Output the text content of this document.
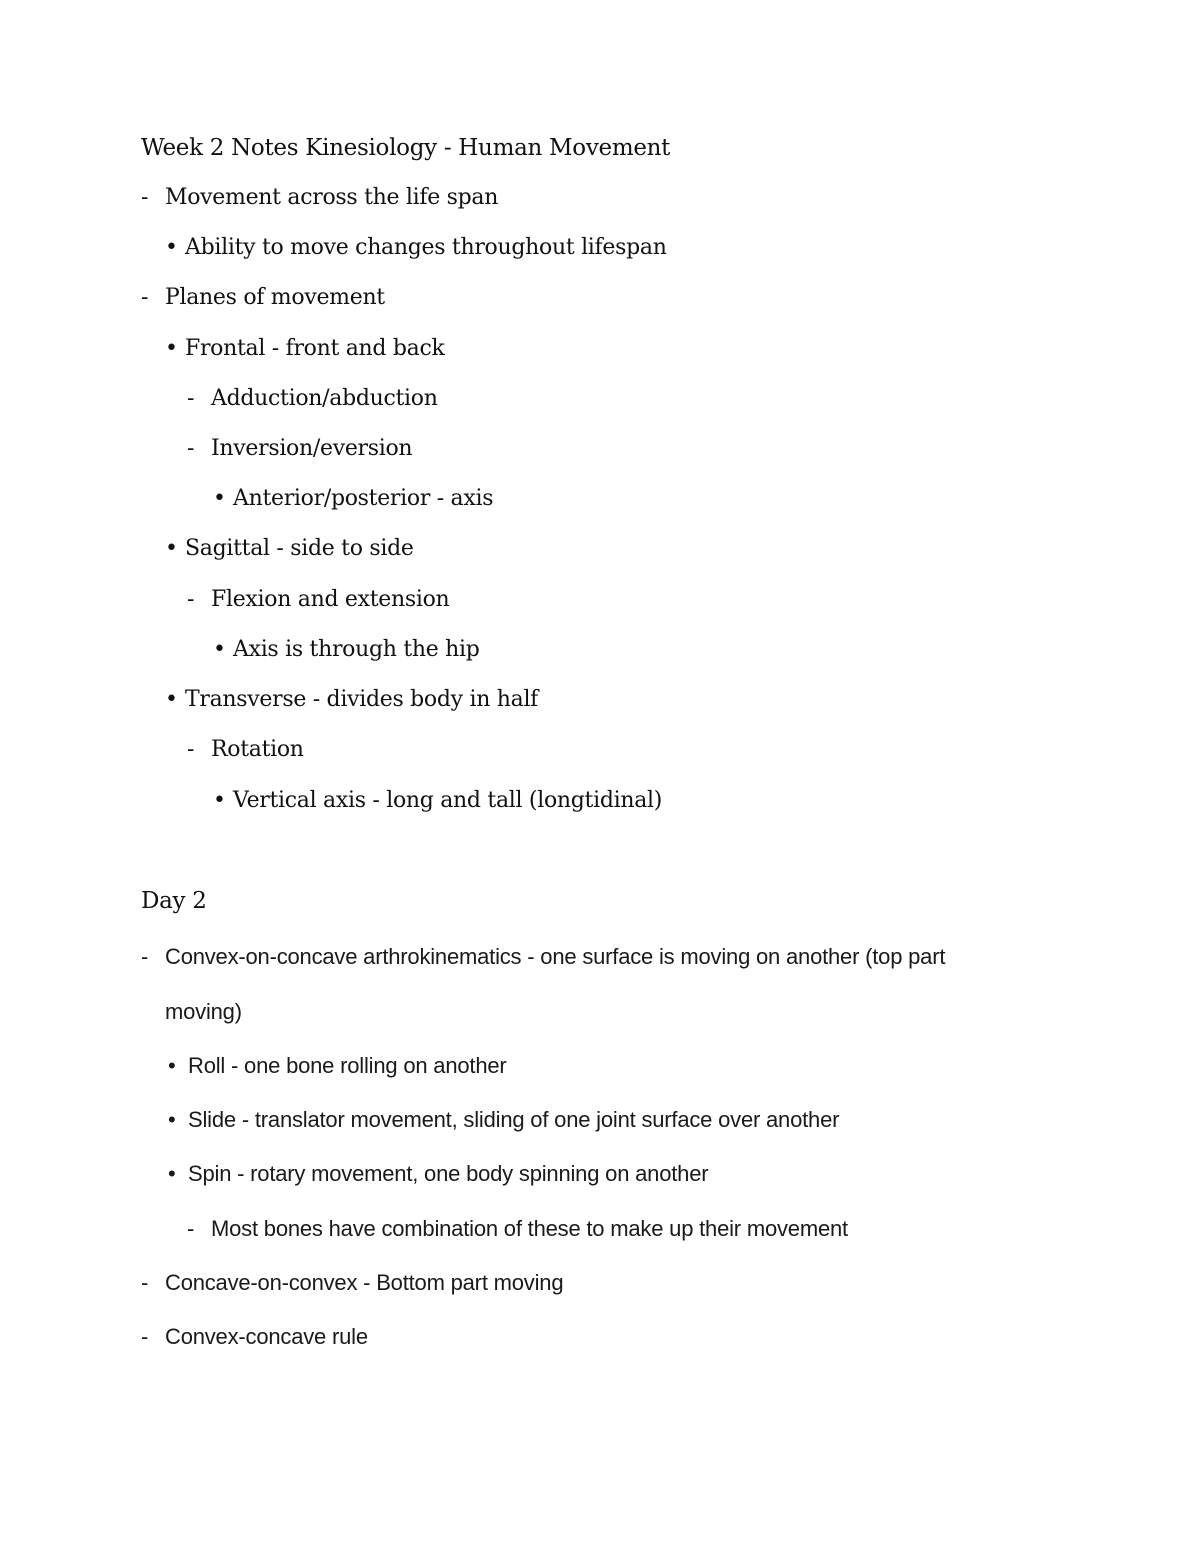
Week 2 Notes Kinesiology - Human Movement
- Movement across the life span
• Ability to move changes throughout lifespan
- Planes of movement
• Frontal - front and back
- Adduction/abduction
- Inversion/eversion
• Anterior/posterior - axis
• Sagittal - side to side
- Flexion and extension
• Axis is through the hip
• Transverse - divides body in half
- Rotation
• Vertical axis - long and tall (longtidinal)
Day 2
- Convex-on-concave arthrokinematics - one surface is moving on another (top part
moving)
• Roll - one bone rolling on another
• Slide - translator movement, sliding of one joint surface over another
• Spin - rotary movement, one body spinning on another
- Most bones have combination of these to make up their movement
- Concave-on-convex - Bottom part moving
- Convex-concave rule
